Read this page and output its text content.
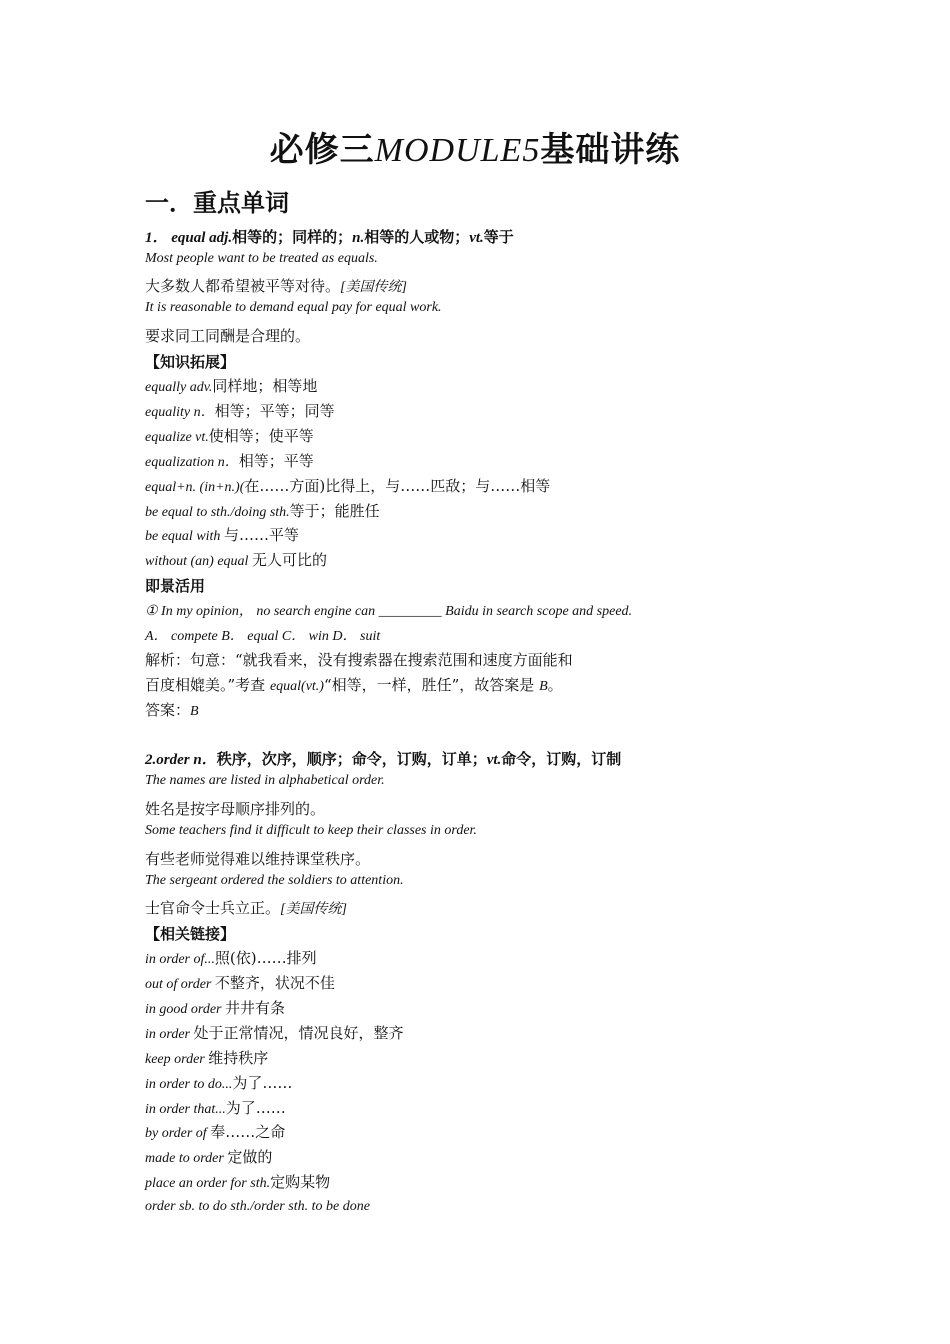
必修三MODULE5基础讲练
一．重点单词
1． equal adj.相等的；同样的；n.相等的人或物；vt.等于
Most people want to be treated as equals.
大多数人都希望被平等对待。[美国传统]
It is reasonable to demand equal pay for equal work.
要求同工同酬是合理的。
【知识拓展】
equally adv.同样地；相等地
equality n．相等；平等；同等
equalize vt.使相等；使平等
equalization n．相等；平等
equal+n. (in+n.)(在……方面)比得上，与……匹敌；与……相等
be equal to sth./doing sth.等于；能胜任
be equal with 与……平等
without (an) equal 无人可比的
即景活用
① In my opinion， no search engine can _________ Baidu in search scope and speed.
A． compete B． equal C． win D． suit
解析：句意：“就我看来，没有搜索器在搜索范围和速度方面能和
百度相媲美。”考查 equal(vt.)“相等，一样，胜任”，故答案是 B。
答案：B
2.order n．秩序，次序，顺序；命令，订购，订单；vt.命令，订购，订制
The names are listed in alphabetical order.
姓名是按字母顺序排列的。
Some teachers find it difficult to keep their classes in order.
有些老师觉得难以维持课堂秩序。
The sergeant ordered the soldiers to attention.
士官命令士兵立正。[美国传统]
【相关链接】
in order of...照(依)……排列
out of order 不整齐，状况不佳
in good order 井井有条
in order 处于正常情况，情况良好，整齐
keep order 维持秩序
in order to do...为了……
in order that...为了……
by order of 奉……之命
made to order 定做的
place an order for sth.定购某物
order sb. to do sth./order sth. to be done
